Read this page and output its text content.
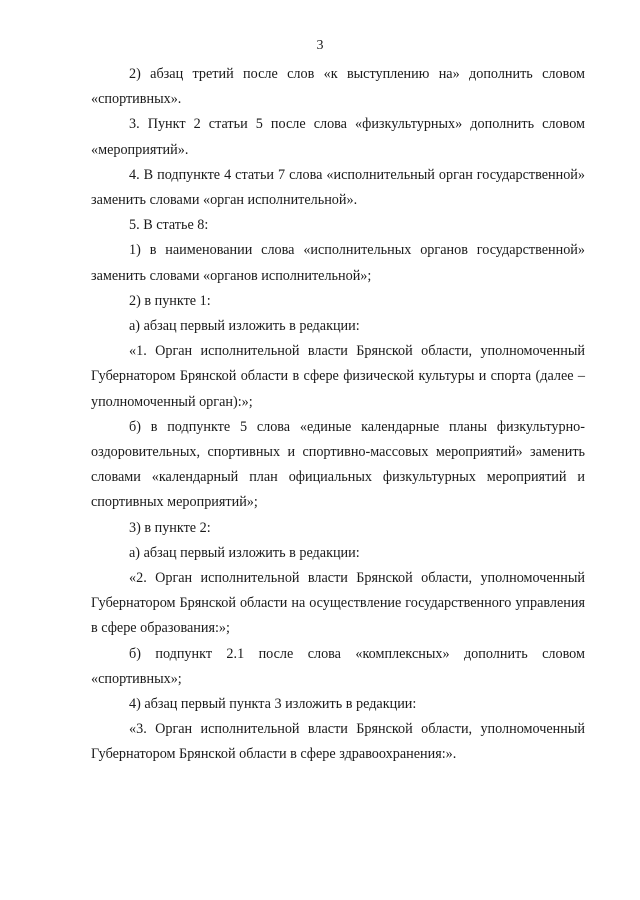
3

2) абзац третий после слов «к выступлению на» дополнить словом «спортивных».

3. Пункт 2 статьи 5 после слова «физкультурных» дополнить словом «мероприятий».

4. В подпункте 4 статьи 7 слова «исполнительный орган государственной» заменить словами «орган исполнительной».

5. В статье 8:

1) в наименовании слова «исполнительных органов государственной» заменить словами «органов исполнительной»;

2) в пункте 1:

а) абзац первый изложить в редакции:

«1. Орган исполнительной власти Брянской области, уполномоченный Губернатором Брянской области в сфере физической культуры и спорта (далее – уполномоченный орган):»;

б) в подпункте 5 слова «единые календарные планы физкультурно-оздоровительных, спортивных и спортивно-массовых мероприятий» заменить словами «календарный план официальных физкультурных мероприятий и спортивных мероприятий»;

3) в пункте 2:

а) абзац первый изложить в редакции:

«2. Орган исполнительной власти Брянской области, уполномоченный Губернатором Брянской области на осуществление государственного управления в сфере образования:»;

б) подпункт 2.1 после слова «комплексных» дополнить словом «спортивных»;

4) абзац первый пункта 3 изложить в редакции:

«3. Орган исполнительной власти Брянской области, уполномоченный Губернатором Брянской области в сфере здравоохранения:».
